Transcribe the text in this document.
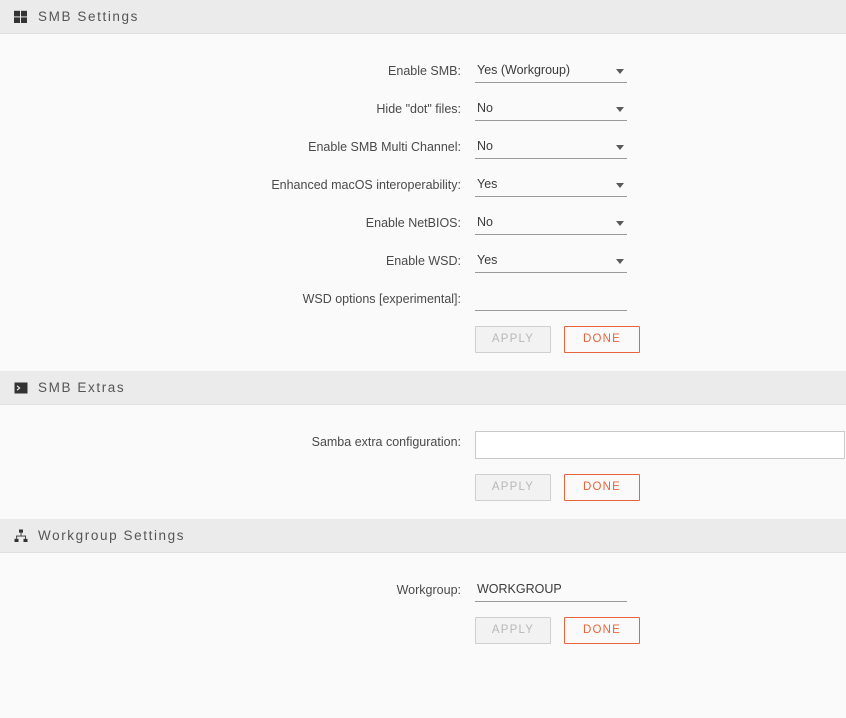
SMB Settings
Enable SMB:
Yes (Workgroup)
Hide "dot" files:
No
Enable SMB Multi Channel:
No
Enhanced macOS interoperability:
Yes
Enable NetBIOS:
No
Enable WSD:
Yes
WSD options [experimental]:
APPLY	DONE
SMB Extras
Samba extra configuration:
APPLY	DONE
Workgroup Settings
Workgroup:
WORKGROUP
APPLY	DONE
